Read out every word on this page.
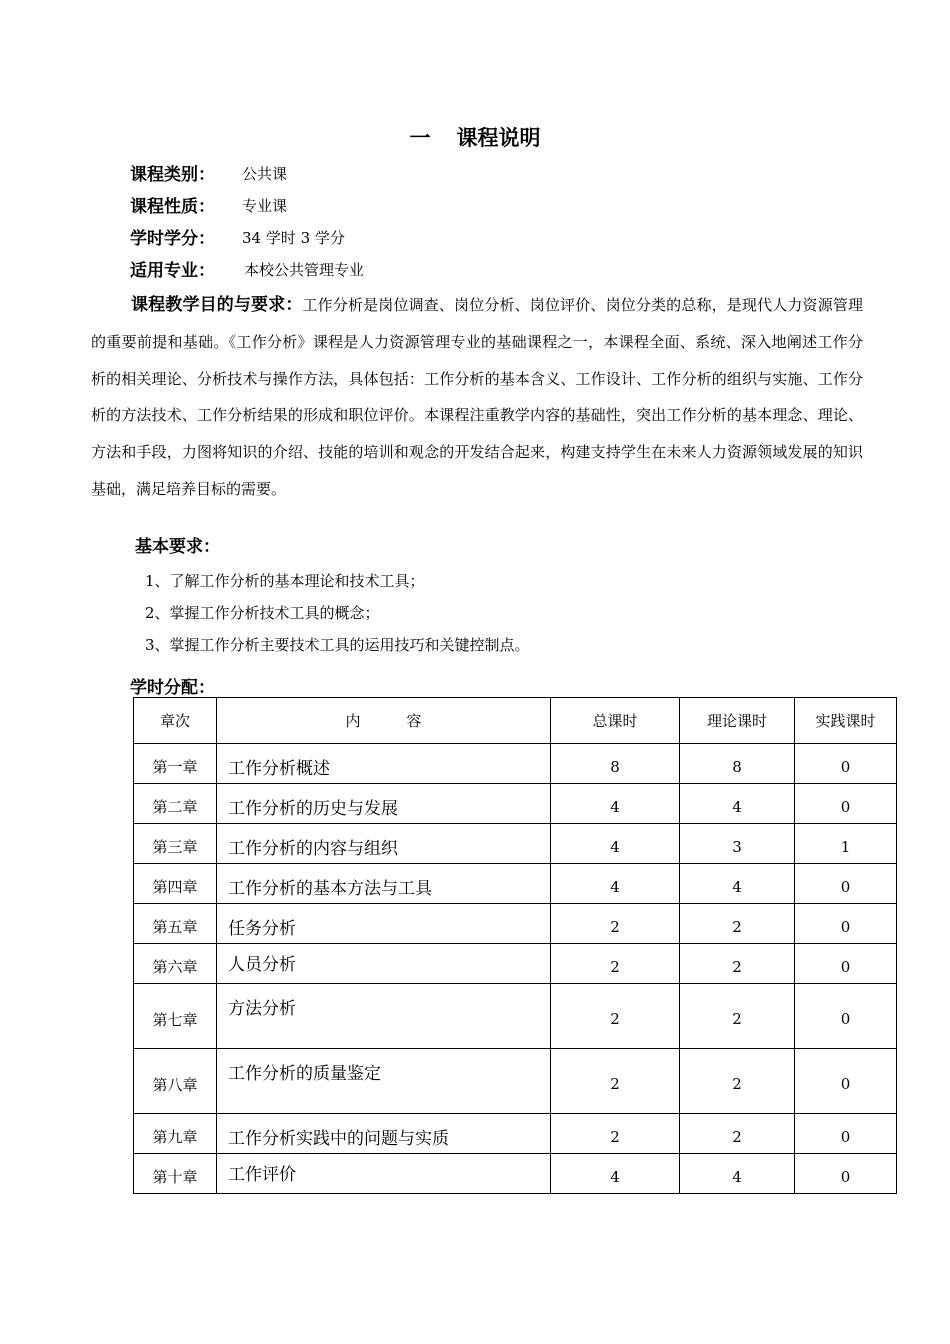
一 课程说明
课程类别： 公共课
课程性质： 专业课
学时学分： 34 学时 3 学分
适用专业： 本校公共管理专业
课程教学目的与要求：工作分析是岗位调查、岗位分析、岗位评价、岗位分类的总称，是现代人力资源管理的重要前提和基础。《工作分析》课程是人力资源管理专业的基础课程之一，本课程全面、系统、深入地阐述工作分析的相关理论、分析技术与操作方法，具体包括：工作分析的基本含义、工作设计、工作分析的组织与实施、工作分析的方法技术、工作分析结果的形成和职位评价。本课程注重教学内容的基础性，突出工作分析的基本理念、理论、方法和手段，力图将知识的介绍、技能的培训和观念的开发结合起来，构建支持学生在未来人力资源领域发展的知识基础，满足培养目标的需要。
基本要求：
1、了解工作分析的基本理论和技术工具；
2、掌握工作分析技术工具的概念；
3、掌握工作分析主要技术工具的运用技巧和关键控制点。
学时分配：
章次	内 容	总课时	理论课时	实践课时
第一章	工作分析概述	8	8	0
第二章	工作分析的历史与发展	4	4	0
第三章	工作分析的内容与组织	4	3	1
第四章	工作分析的基本方法与工具	4	4	0
第五章	任务分析	2	2	0
第六章	人员分析	2	2	0
第七章	方法分析	2	2	0
第八章	工作分析的质量鉴定	2	2	0
第九章	工作分析实践中的问题与实质	2	2	0
第十章	工作评价	4	4	0
